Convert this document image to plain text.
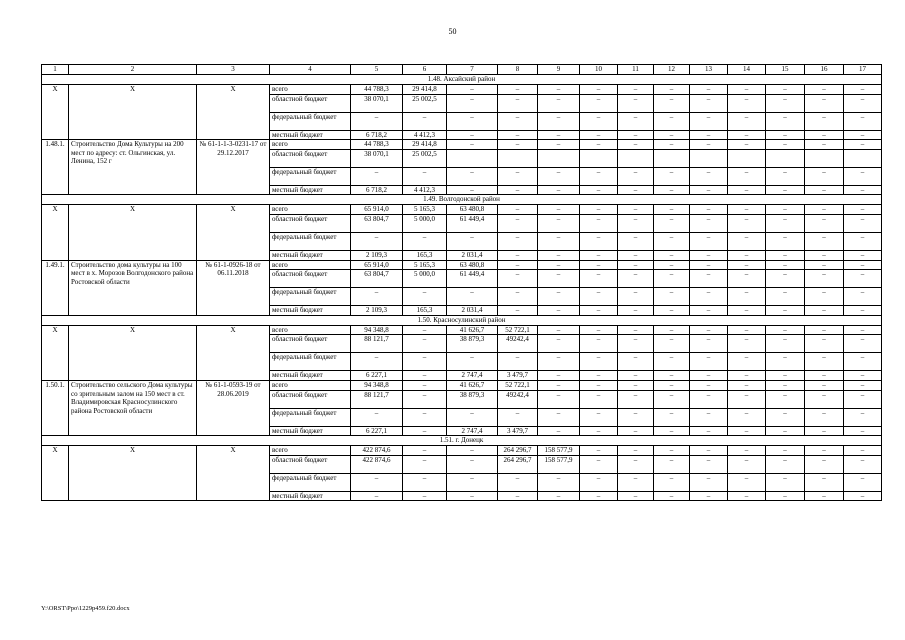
50
1	2	3	4	5	6	7	8	9	10	11	12	13	14	15	16	17
1.48. Аксайский район																
Х	Х	Х	всего	44 788,3	29 414,8	–	–	–	–	–	–	–	–	–	–	–
			областной бюджет	38 070,1	25 002,5	–	–	–	–	–	–	–	–	–	–	–
			федеральный бюджет	–	–	–	–	–	–	–	–	–	–	–	–	–
			местный бюджет	6 718,2	4 412,3	–	–	–	–	–	–	–	–	–	–	–
1.48.1.	Строительство Дома Культуры на 200 мест по адресу: ст. Ольгинская, ул. Ленина, 152 г	№ 61-1-1-3-0231-17 от 29.12.2017	всего	44 788,3	29 414,8	–	–	–	–	–	–	–	–	–	–	–
			областной бюджет	38 070,1	25 002,5											
			федеральный бюджет	–	–	–	–	–	–	–	–	–	–	–	–	–
			местный бюджет	6 718,2	4 412,3	–	–	–	–	–	–	–	–	–	–	–
1.49. Волгодонской район																
Х	Х	Х	всего	65 914,0	5 165,3	63 480,8	–	–	–	–	–	–	–	–	–	–
			областной бюджет	63 804,7	5 000,0	61 449,4	–	–	–	–	–	–	–	–	–	–
			федеральный бюджет	–	–	–	–	–	–	–	–	–	–	–	–	–
			местный бюджет	2 109,3	165,3	2 031,4	–	–	–	–	–	–	–	–	–	–
1.49.1.	Строительство дома культуры на 100 мест в х. Морозов Волгодонского района Ростовской области	№ 61-1-0926-18 от 06.11.2018	всего	65 914,0	5 165,3	63 480,8	–	–	–	–	–	–	–	–	–	–
			областной бюджет	63 804,7	5 000,0	61 449,4	–	–	–	–	–	–	–	–	–	–
			федеральный бюджет	–	–	–	–	–	–	–	–	–	–	–	–	–
			местный бюджет	2 109,3	165,3	2 031,4	–	–	–	–	–	–	–	–	–	–
1.50. Красносулинский район																
Х	Х	Х	всего	94 348,8	–	41 626,7	52 722,1	–	–	–	–	–	–	–	–	–
			областной бюджет	88 121,7	–	38 879,3	49242,4	–	–	–	–	–	–	–	–	–
			федеральный бюджет	–	–	–	–	–	–	–	–	–	–	–	–	–
			местный бюджет	6 227,1	–	2 747,4	3 479,7	–	–	–	–	–	–	–	–	–
1.50.1.	Строительство сельского Дома культуры со зрительным залом на 150 мест в ст. Владимировская Красносулинского района Ростовской области	№ 61-1-0593-19 от 28.06.2019	всего	94 348,8	–	41 626,7	52 722,1	–	–	–	–	–	–	–	–	–
			областной бюджет	88 121,7	–	38 879,3	49242,4	–	–	–	–	–	–	–	–	–
			федеральный бюджет	–	–	–	–	–	–	–	–	–	–	–	–	–
			местный бюджет	6 227,1	–	2 747,4	3 479,7	–	–	–	–	–	–	–	–	–
1.51. г. Донецк																
Х	Х	Х	всего	422 874,6	–	–	264 296,7	158 577,9	–	–	–	–	–	–	–	–
			областной бюджет	422 874,6	–	–	264 296,7	158 577,9	–	–	–	–	–	–	–	–
			федеральный бюджет	–	–	–	–	–	–	–	–	–	–	–	–	–
			местный бюджет	–	–	–	–	–	–	–	–	–	–	–	–	–
Y:\ORST\Ppo\1229p459.f20.docx
